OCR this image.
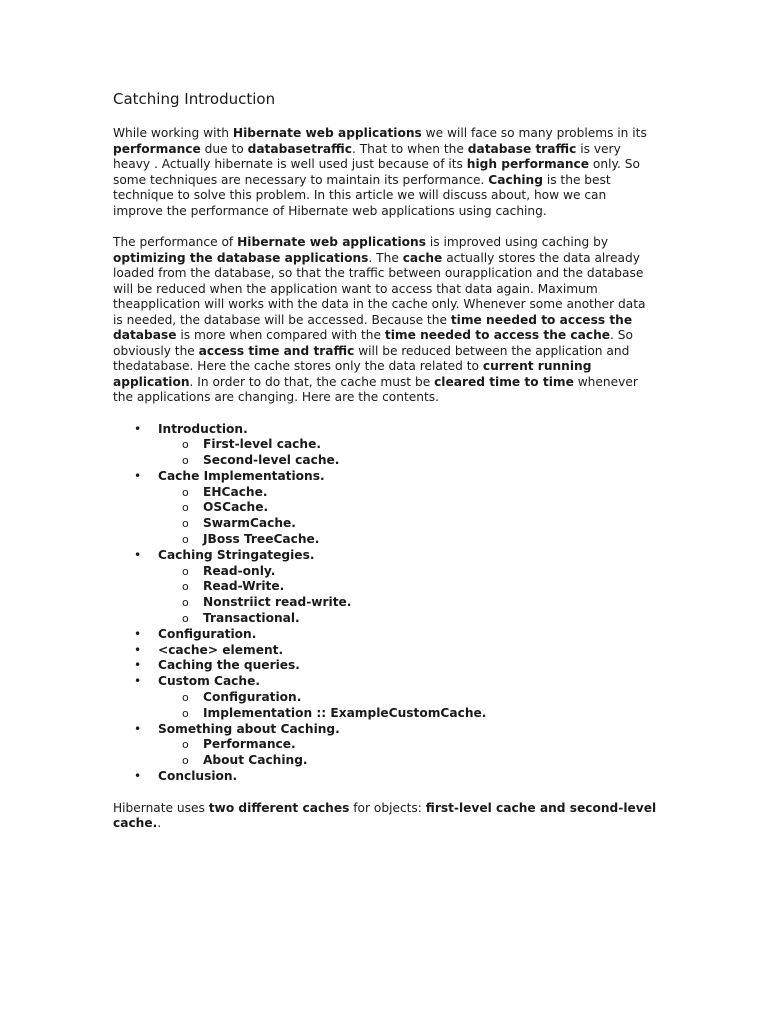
Catching Introduction

While working with Hibernate web applications we will face so many problems in its performance due to databasetraffic. That to when the database traffic is very heavy . Actually hibernate is well used just because of its high performance only. So some techniques are necessary to maintain its performance. Caching is the best technique to solve this problem. In this article we will discuss about, how we can improve the performance of Hibernate web applications using caching.

The performance of Hibernate web applications is improved using caching by optimizing the database applications. The cache actually stores the data already loaded from the database, so that the traffic between ourapplication and the database will be reduced when the application want to access that data again. Maximum theapplication will works with the data in the cache only. Whenever some another data is needed, the database will be accessed. Because the time needed to access the database is more when compared with the time needed to access the cache. So obviously the access time and traffic will be reduced between the application and thedatabase. Here the cache stores only the data related to current running application. In order to do that, the cache must be cleared time to time whenever the applications are changing. Here are the contents.

• Introduction.
o First-level cache.
o Second-level cache.
• Cache Implementations.
o EHCache.
o OSCache.
o SwarmCache.
o JBoss TreeCache.
• Caching Stringategies.
o Read-only.
o Read-Write.
o Nonstriict read-write.
o Transactional.
• Configuration.
• <cache> element.
• Caching the queries.
• Custom Cache.
o Configuration.
o Implementation :: ExampleCustomCache.
• Something about Caching.
o Performance.
o About Caching.
• Conclusion.

Hibernate uses two different caches for objects: first-level cache and second-level cache..
